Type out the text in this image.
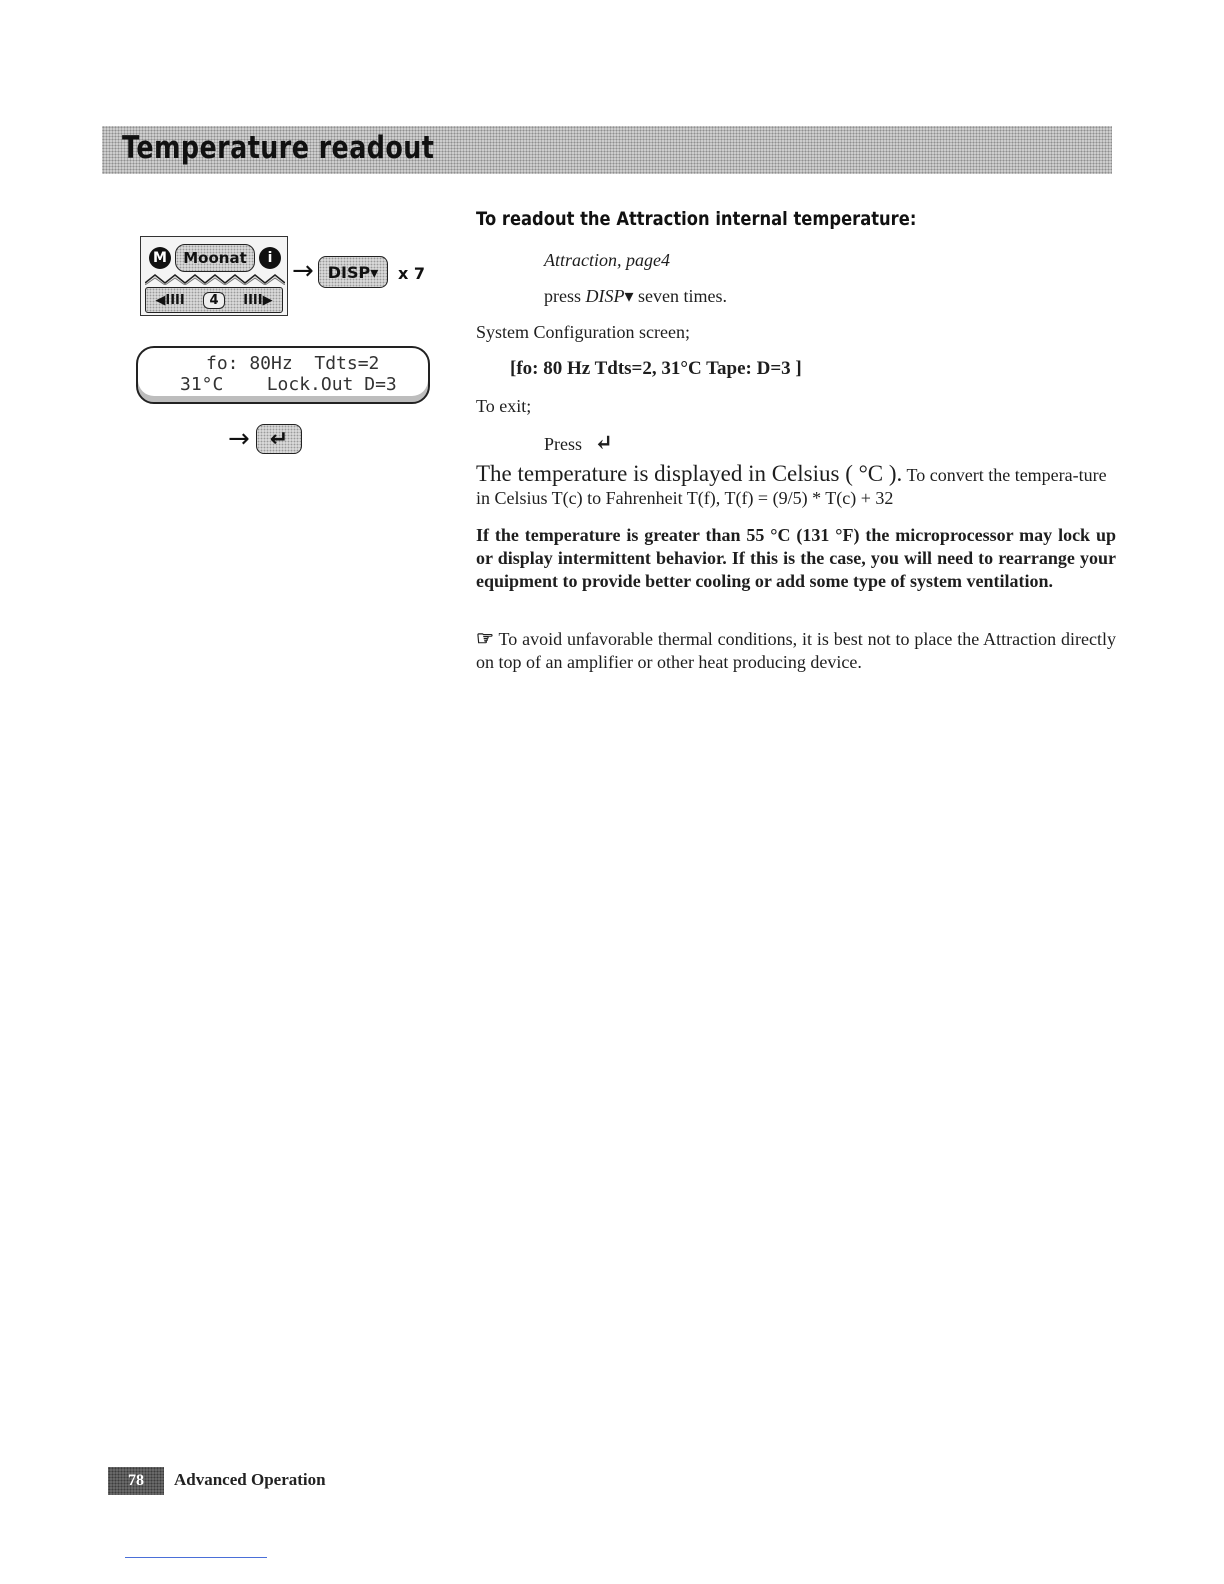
Temperature readout
M	Moonat	i
◀IIII	4	IIII▶
→ DISP▾	x 7

fo: 80Hz  Tdts=2

31°C    Lock.Out D=3

→ ↵
To readout the Attraction internal temperature:
Attraction, page4
press DISP▾ seven times.
System Configuration screen;
[fo: 80 Hz Tdts=2, 31°C Tape: D=3 ]
To exit;
Press ↵
The temperature is displayed in Celsius ( °C ). To convert the tempera-ture in Celsius T(c) to Fahrenheit T(f), T(f) = (9/5) * T(c) + 32
If the temperature is greater than 55 °C (131 °F) the microprocessor may lock up or display intermittent behavior. If this is the case, you will need to rearrange your equipment to provide better cooling or add some type of system ventilation.
☞ To avoid unfavorable thermal conditions, it is best not to place the Attraction directly on top of an amplifier or other heat producing device.
78	Advanced Operation
